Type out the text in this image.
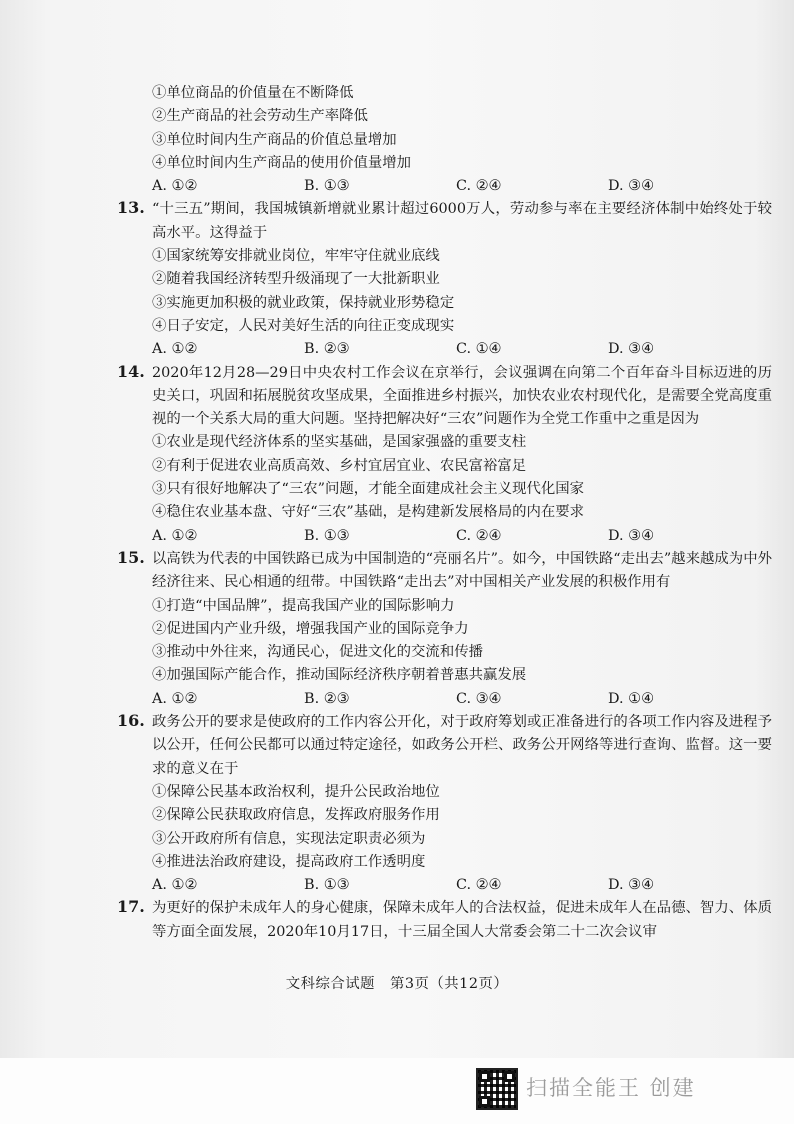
①单位商品的价值量在不断降低
②生产商品的社会劳动生产率降低
③单位时间内生产商品的价值总量增加
④单位时间内生产商品的使用价值量增加
A. ①②	B. ①③	C. ②④	D. ③④
13. “十三五”期间，我国城镇新增就业累计超过6000万人，劳动参与率在主要经济体制中始终处于较高水平。这得益于
①国家统筹安排就业岗位，牢牢守住就业底线
②随着我国经济转型升级涌现了一大批新职业
③实施更加积极的就业政策，保持就业形势稳定
④日子安定，人民对美好生活的向往正变成现实
A. ①②	B. ②③	C. ①④	D. ③④
14. 2020年12月28—29日中央农村工作会议在京举行，会议强调在向第二个百年奋斗目标迈进的历史关口，巩固和拓展脱贫攻坚成果，全面推进乡村振兴，加快农业农村现代化，是需要全党高度重视的一个关系大局的重大问题。坚持把解决好“三农”问题作为全党工作重中之重是因为
①农业是现代经济体系的坚实基础，是国家强盛的重要支柱
②有利于促进农业高质高效、乡村宜居宜业、农民富裕富足
③只有很好地解决了“三农”问题，才能全面建成社会主义现代化国家
④稳住农业基本盘、守好“三农”基础，是构建新发展格局的内在要求
A. ①②	B. ①③	C. ②④	D. ③④
15. 以高铁为代表的中国铁路已成为中国制造的“亮丽名片”。如今，中国铁路“走出去”越来越成为中外经济往来、民心相通的纽带。中国铁路“走出去”对中国相关产业发展的积极作用有
①打造“中国品牌”，提高我国产业的国际影响力
②促进国内产业升级，增强我国产业的国际竞争力
③推动中外往来，沟通民心，促进文化的交流和传播
④加强国际产能合作，推动国际经济秩序朝着普惠共赢发展
A. ①②	B. ②③	C. ③④	D. ①④
16. 政务公开的要求是使政府的工作内容公开化，对于政府筹划或正准备进行的各项工作内容及进程予以公开，任何公民都可以通过特定途径，如政务公开栏、政务公开网络等进行查询、监督。这一要求的意义在于
①保障公民基本政治权利，提升公民政治地位
②保障公民获取政府信息，发挥政府服务作用
③公开政府所有信息，实现法定职责必须为
④推进法治政府建设，提高政府工作透明度
A. ①②	B. ①③	C. ②④	D. ③④
17. 为更好的保护未成年人的身心健康，保障未成年人的合法权益，促进未成年人在品德、智力、体质等方面全面发展，2020年10月17日，十三届全国人大常委会第二十二次会议审
文科综合试题　第3页（共12页）
扫描全能王 创建
